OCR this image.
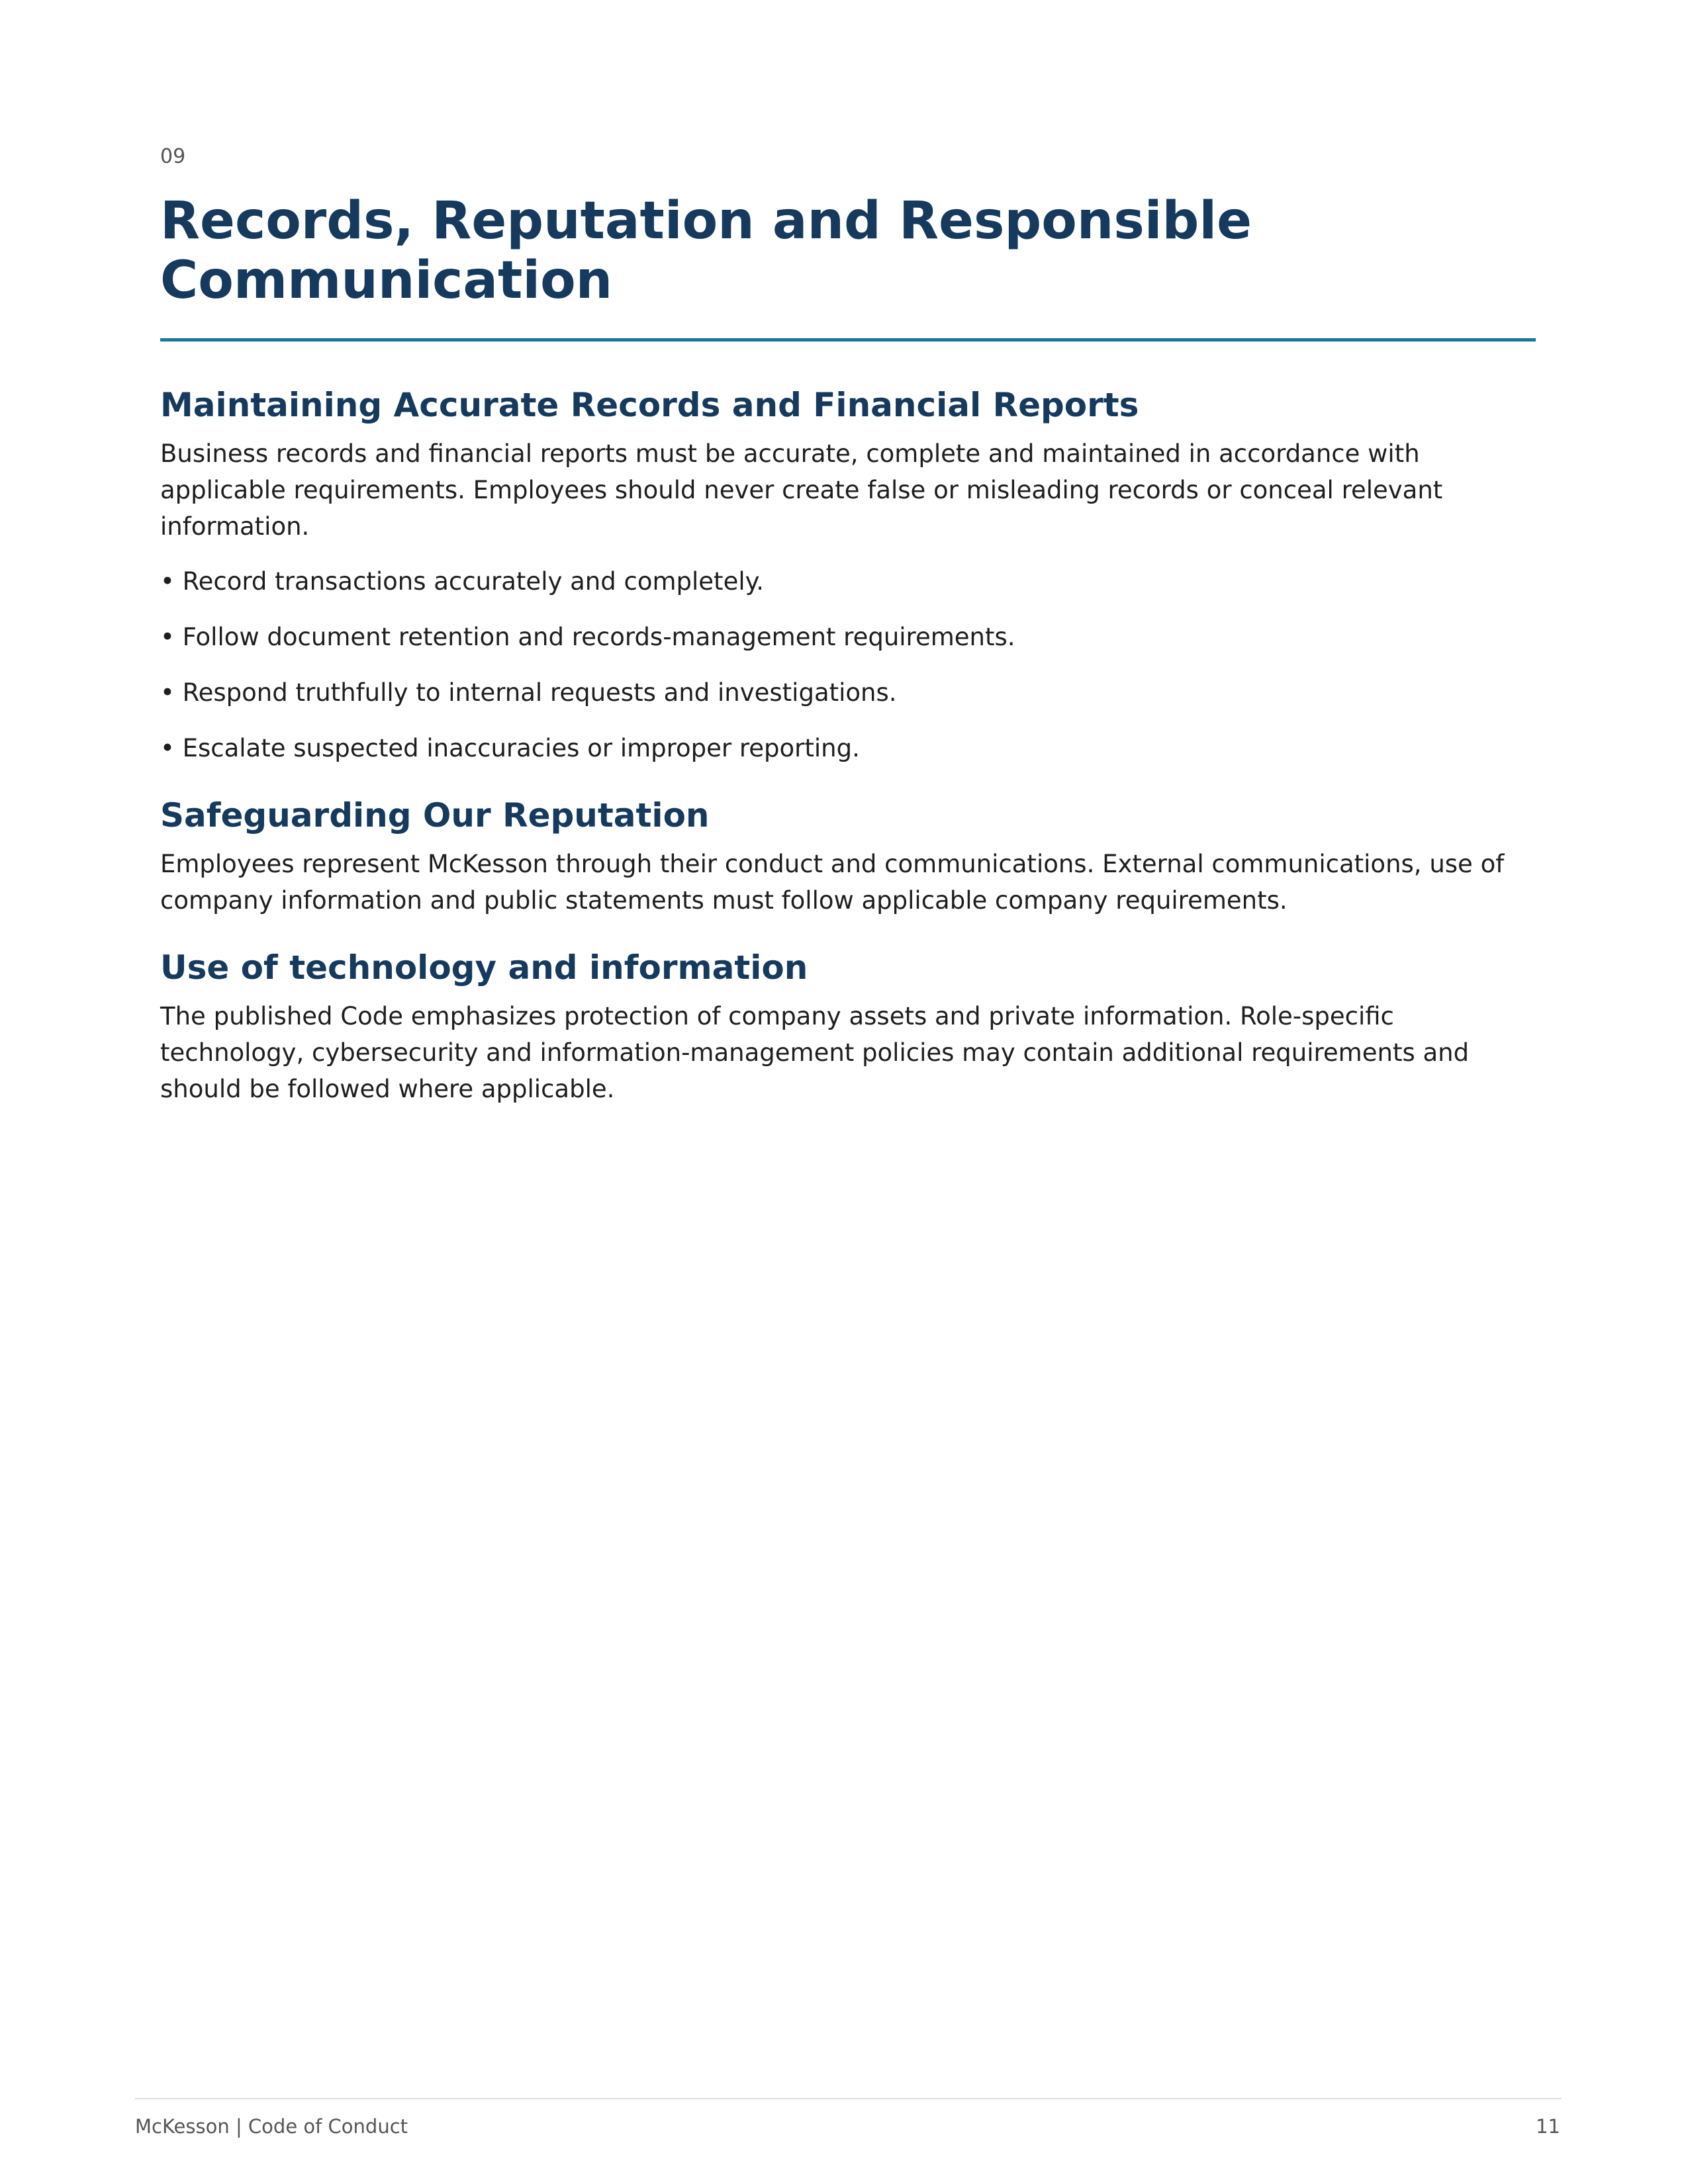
09

Records, Reputation and Responsible Communication
Maintaining Accurate Records and Financial Reports

Business records and financial reports must be accurate, complete and maintained in accordance with applicable requirements. Employees should never create false or misleading records or conceal relevant information.

• Record transactions accurately and completely.
• Follow document retention and records-management requirements.
• Respond truthfully to internal requests and investigations.
• Escalate suspected inaccuracies or improper reporting.
Safeguarding Our Reputation

Employees represent McKesson through their conduct and communications. External communications, use of company information and public statements must follow applicable company requirements.

Use of technology and information

The published Code emphasizes protection of company assets and private information. Role-specific technology, cybersecurity and information-management policies may contain additional requirements and should be followed where applicable.

McKesson | Code of Conduct	11
